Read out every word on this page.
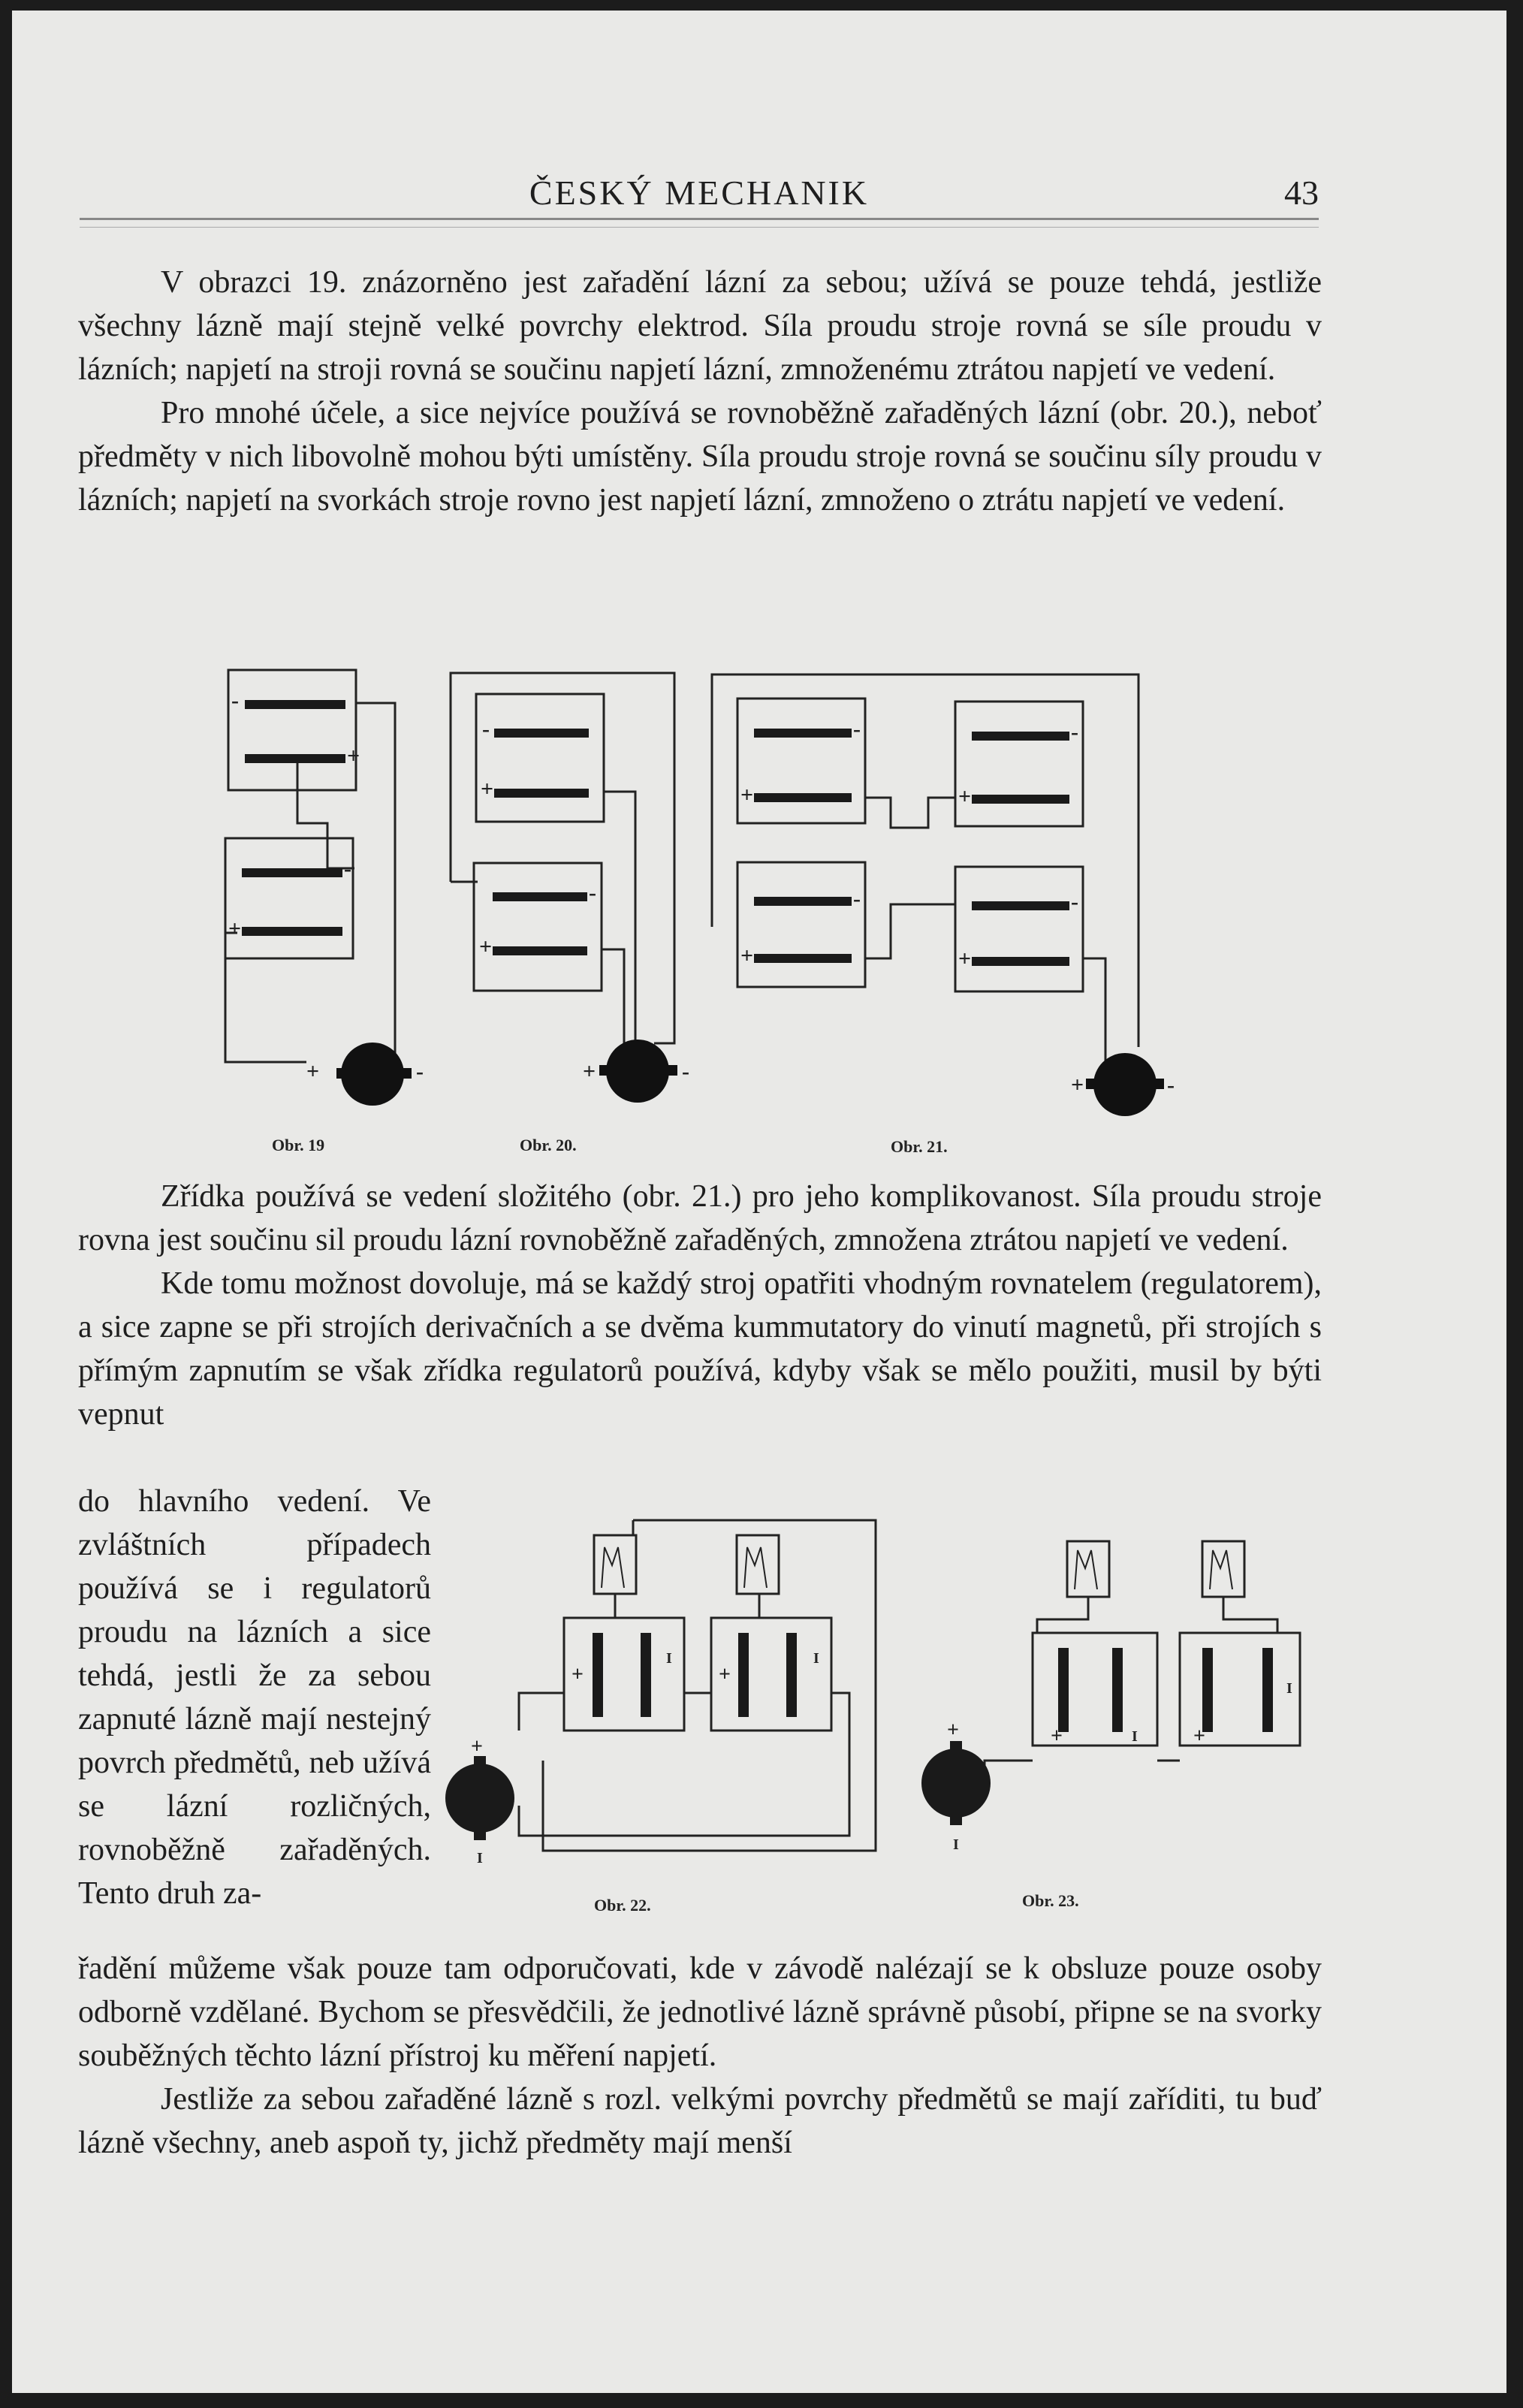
ČESKÝ MECHANIK	43

V obrazci 19. znázorněno jest zařadění lázní za sebou; užívá se pouze tehdá, jestliže všechny lázně mají stejně velké povrchy elektrod. Síla proudu stroje rovná se síle proudu v lázních; napjetí na stroji rovná se součinu napjetí lázní, zmnoženému ztrátou napjetí ve vedení.

Pro mnohé účele, a sice nejvíce používá se rovnoběžně zařaděných lázní (obr. 20.), neboť předměty v nich libovolně mohou býti umístěny. Síla proudu stroje rovná se součinu síly proudu v lázních; napjetí na svorkách stroje rovno jest napjetí lázní, zmnoženo o ztrátu napjetí ve vedení.

-
+
-
+
+	-
-
+
-
+
+	-
-
+
-
+
-
+
-
+
+	-
Obr. 19	Obr. 20.	Obr. 21.

Zřídka používá se vedení složitého (obr. 21.) pro jeho komplikovanost. Síla proudu stroje rovna jest součinu sil proudu lázní rovnoběžně zařaděných, zmnožena ztrátou napjetí ve vedení.

Kde tomu možnost dovoluje, má se každý stroj opatřiti vhodným rovnatelem (regulatorem), a sice zapne se při strojích derivačních a se dvěma kummutatory do vinutí magnetů, při strojích s přímým zapnutím se však zřídka regulatorů používá, kdyby však se mělo použiti, musil by býti vepnut

do hlavního vedení. Ve zvláštních případech používá se i regulatorů proudu na lázních a sice tehdá, jestli že za sebou zapnuté lázně mají nestejný povrch předmětů, neb užívá se lázní rozličných, rovnoběžně zařaděných. Tento druh za-

+	+
I	I
+
I
+
I
+	+
I
I
Obr. 22.	Obr. 23.

řadění můžeme však pouze tam odporučovati, kde v závodě nalézají se k obsluze pouze osoby odborně vzdělané. Bychom se přesvědčili, že jednotlivé lázně správně působí, připne se na svorky souběžných těchto lázní přístroj ku měření napjetí.

Jestliže za sebou zařaděné lázně s rozl. velkými povrchy předmětů se mají zaříditi, tu buď lázně všechny, aneb aspoň ty, jichž předměty mají menší
